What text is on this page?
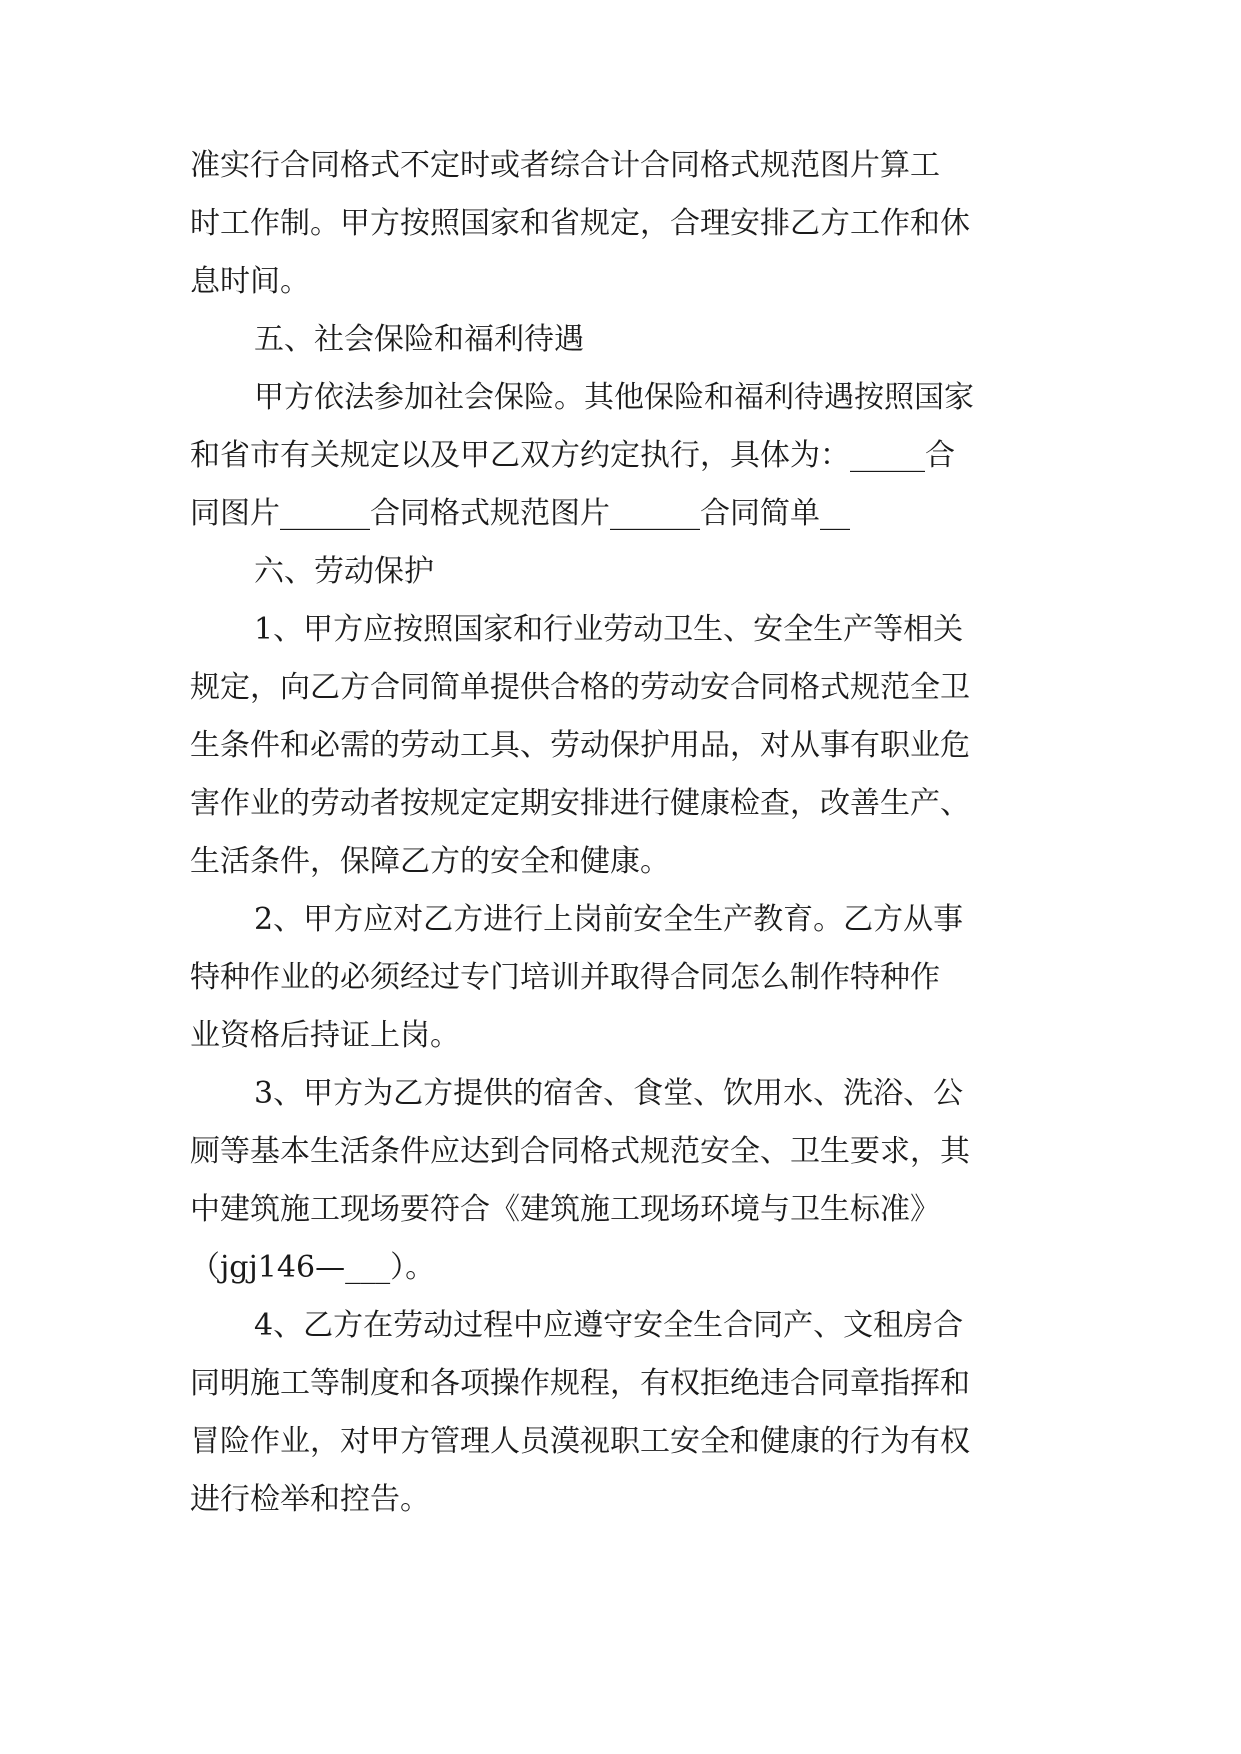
准实行合同格式不定时或者综合计合同格式规范图片算工
时工作制。甲方按照国家和省规定，合理安排乙方工作和休
息时间。
五、社会保险和福利待遇
甲方依法参加社会保险。其他保险和福利待遇按照国家
和省市有关规定以及甲乙双方约定执行，具体为：_____合
同图片______合同格式规范图片______合同简单__
六、劳动保护
1、甲方应按照国家和行业劳动卫生、安全生产等相关
规定，向乙方合同简单提供合格的劳动安合同格式规范全卫
生条件和必需的劳动工具、劳动保护用品，对从事有职业危
害作业的劳动者按规定定期安排进行健康检查，改善生产、
生活条件，保障乙方的安全和健康。
2、甲方应对乙方进行上岗前安全生产教育。乙方从事
特种作业的必须经过专门培训并取得合同怎么制作特种作
业资格后持证上岗。
3、甲方为乙方提供的宿舍、食堂、饮用水、洗浴、公
厕等基本生活条件应达到合同格式规范安全、卫生要求，其
中建筑施工现场要符合《建筑施工现场环境与卫生标准》
（jgj146—___）。
4、乙方在劳动过程中应遵守安全生合同产、文租房合
同明施工等制度和各项操作规程，有权拒绝违合同章指挥和
冒险作业，对甲方管理人员漠视职工安全和健康的行为有权
进行检举和控告。
